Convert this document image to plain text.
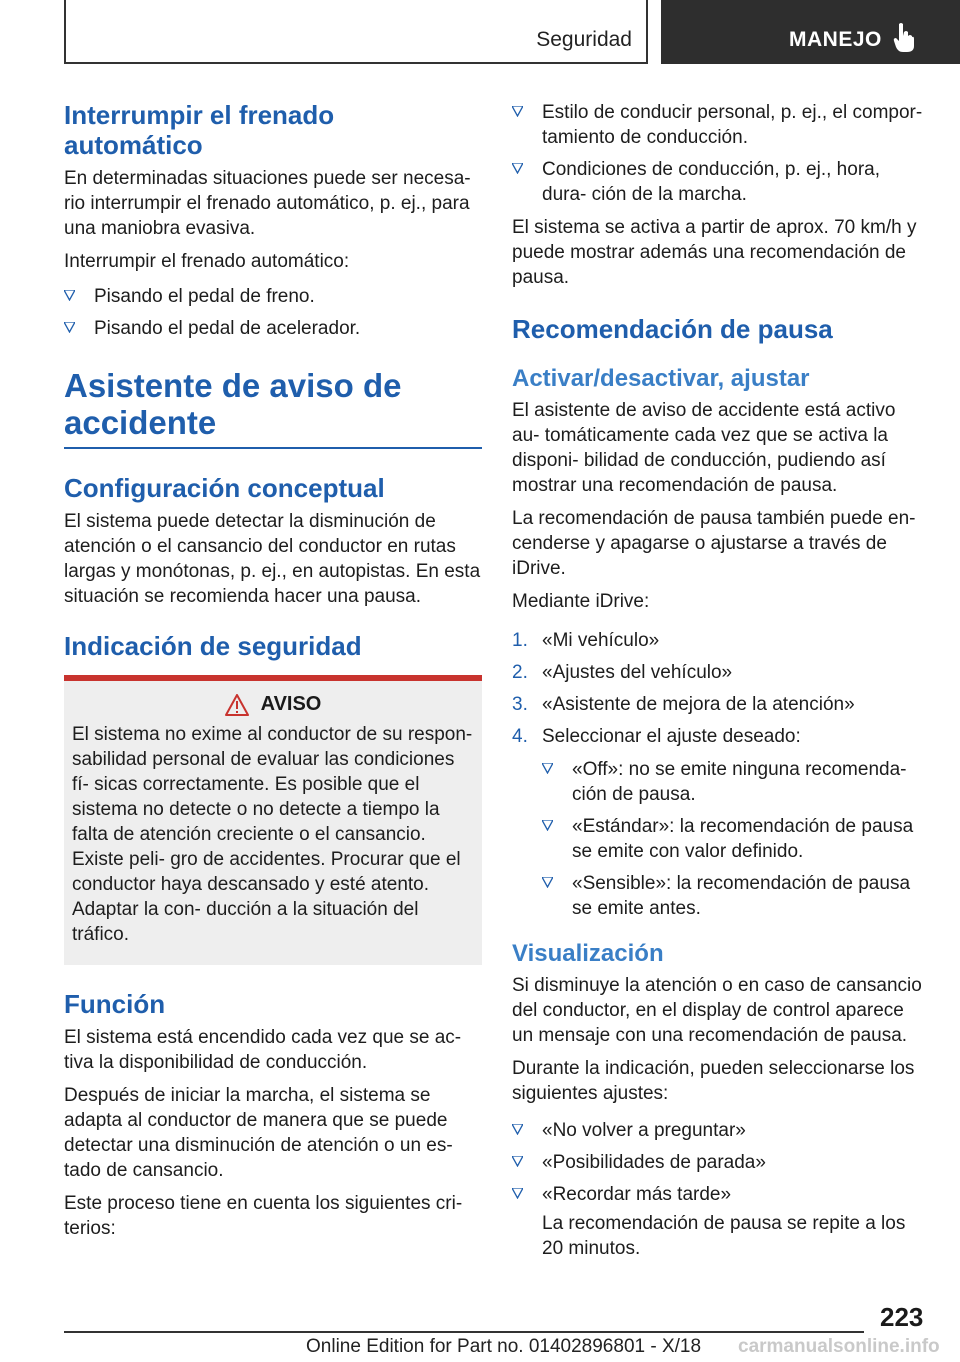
Seguridad	MANEJO
Interrumpir el frenado automático

En determinadas situaciones puede ser necesa- rio interrumpir el frenado automático, p. ej., para una maniobra evasiva.

Interrumpir el frenado automático:

Pisando el pedal de freno.
Pisando el pedal de acelerador.
Asistente de aviso de accidente
Configuración conceptual

El sistema puede detectar la disminución de atención o el cansancio del conductor en rutas largas y monótonas, p. ej., en autopistas. En esta situación se recomienda hacer una pausa.

Indicación de seguridad
AVISO

El sistema no exime al conductor de su respon- sabilidad personal de evaluar las condiciones fí- sicas correctamente. Es posible que el sistema no detecte o no detecte a tiempo la falta de atención creciente o el cansancio. Existe peli- gro de accidentes. Procurar que el conductor haya descansado y esté atento. Adaptar la con- ducción a la situación del tráfico.

Función

El sistema está encendido cada vez que se ac- tiva la disponibilidad de conducción.

Después de iniciar la marcha, el sistema se adapta al conductor de manera que se puede detectar una disminución de atención o un es- tado de cansancio.

Este proceso tiene en cuenta los siguientes cri- terios:

Estilo de conducir personal, p. ej., el compor- tamiento de conducción.
Condiciones de conducción, p. ej., hora, dura- ción de la marcha.

El sistema se activa a partir de aprox. 70 km/h y puede mostrar además una recomendación de pausa.

Recomendación de pausa
Activar/desactivar, ajustar

El asistente de aviso de accidente está activo au- tomáticamente cada vez que se activa la disponi- bilidad de conducción, pudiendo así mostrar una recomendación de pausa.

La recomendación de pausa también puede en- cenderse y apagarse o ajustarse a través de iDrive.

Mediante iDrive:

1. «Mi vehículo»
2. «Ajustes del vehículo»
3. «Asistente de mejora de la atención»
4. Seleccionar el ajuste deseado:
«Off»: no se emite ninguna recomenda- ción de pausa.
«Estándar»: la recomendación de pausa se emite con valor definido.
«Sensible»: la recomendación de pausa se emite antes.
Visualización

Si disminuye la atención o en caso de cansancio del conductor, en el display de control aparece un mensaje con una recomendación de pausa.

Durante la indicación, pueden seleccionarse los siguientes ajustes:

«No volver a preguntar»
«Posibilidades de parada»
«Recordar más tarde»

La recomendación de pausa se repite a los 20 minutos.

223
Online Edition for Part no. 01402896801 - X/18 carmanualsonline.info
